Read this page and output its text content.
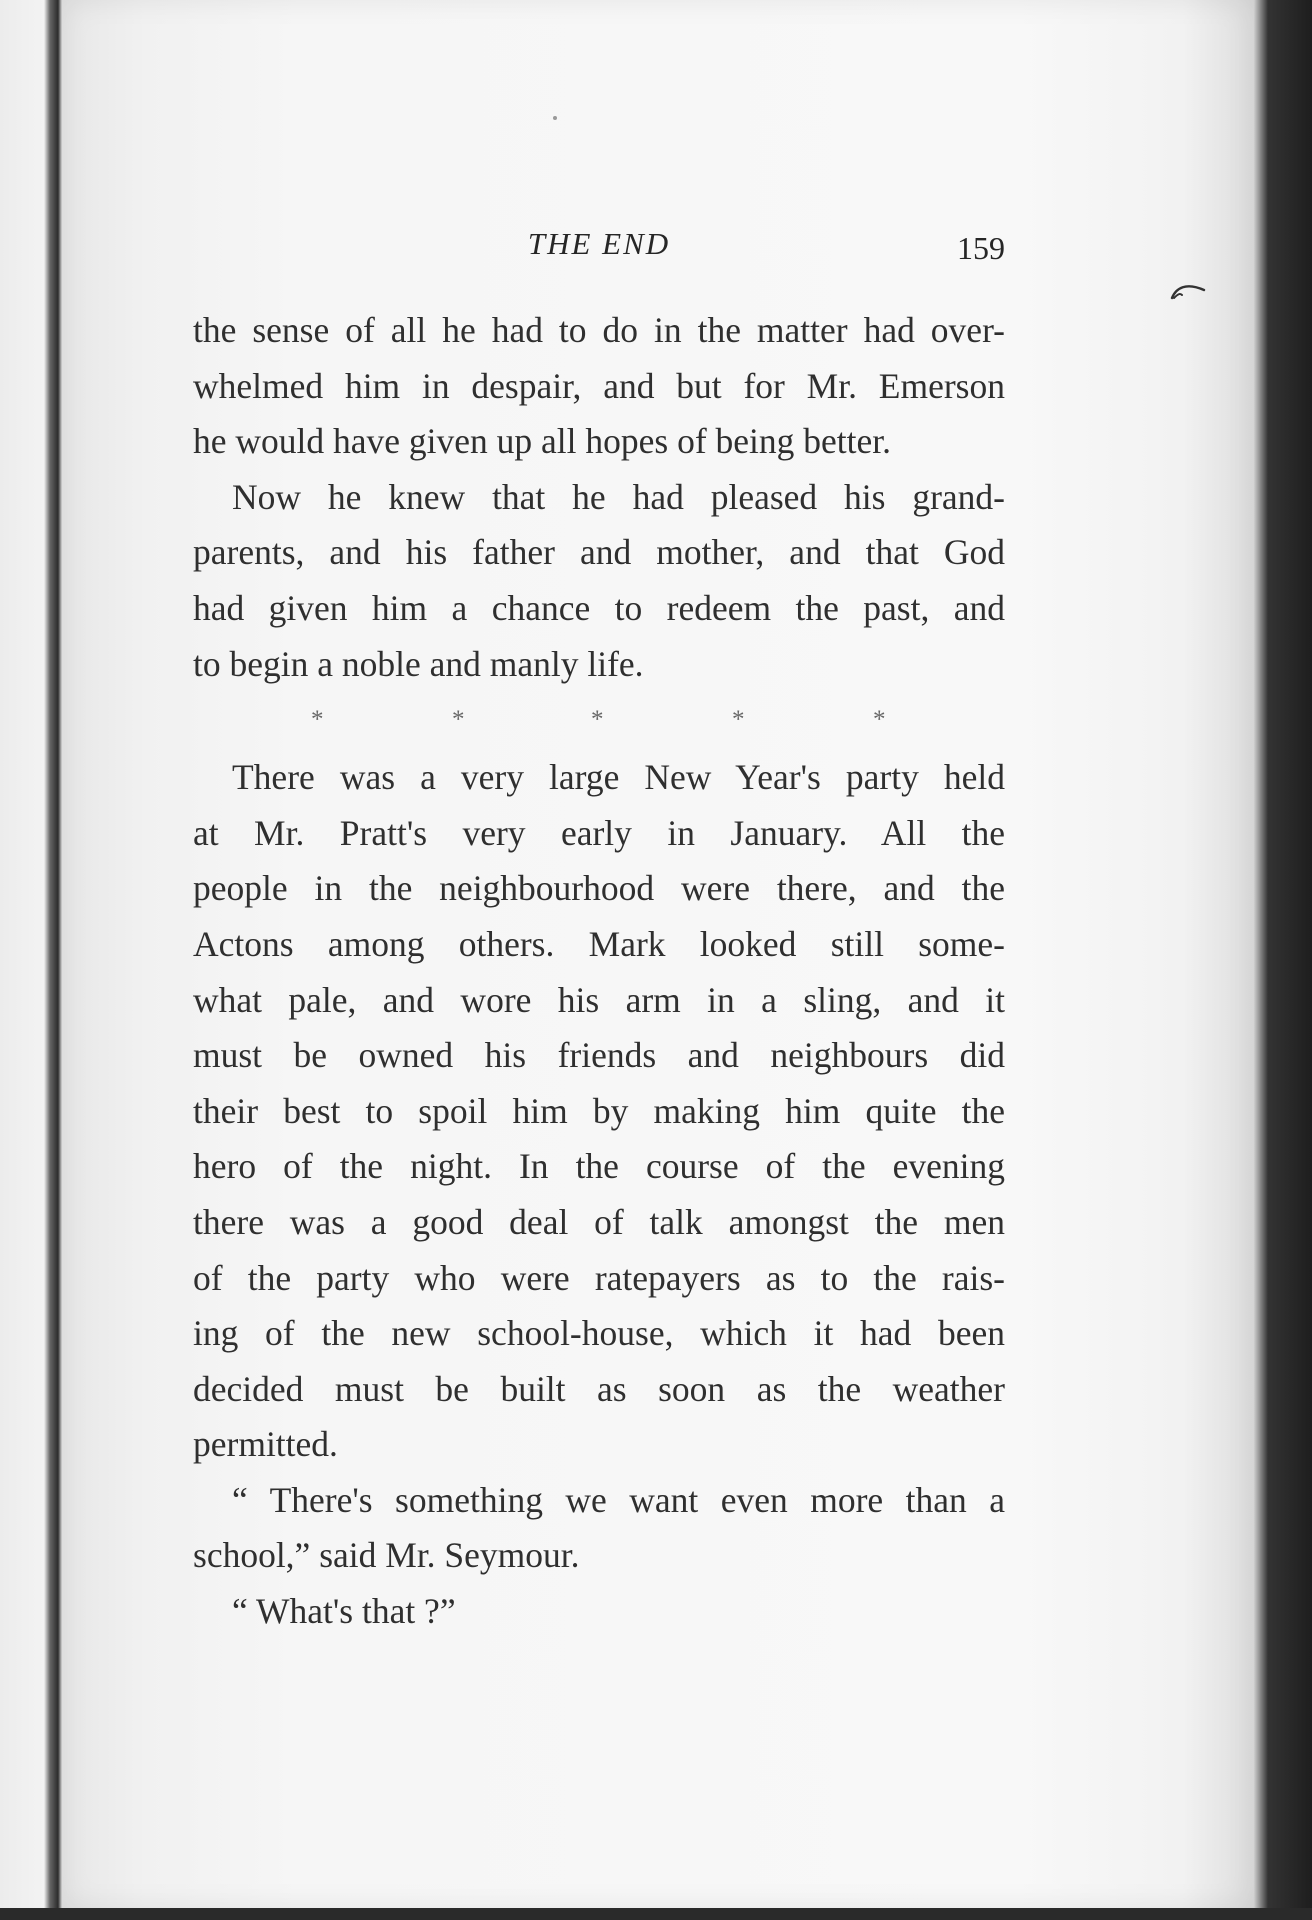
THE END	159
the sense of all he had to do in the matter had over-
whelmed him in despair, and but for Mr. Emerson
he would have given up all hopes of being better.
Now he knew that he had pleased his grand-
parents, and his father and mother, and that God
had given him a chance to redeem the past, and
to begin a noble and manly life.
*	*	*	*	*
There was a very large New Year's party held
at Mr. Pratt's very early in January. All the
people in the neighbourhood were there, and the
Actons among others. Mark looked still some-
what pale, and wore his arm in a sling, and it
must be owned his friends and neighbours did
their best to spoil him by making him quite the
hero of the night. In the course of the evening
there was a good deal of talk amongst the men
of the party who were ratepayers as to the rais-
ing of the new school-house, which it had been
decided must be built as soon as the weather
permitted.
“ There's something we want even more than a
school,” said Mr. Seymour.
“ What's that ?”
